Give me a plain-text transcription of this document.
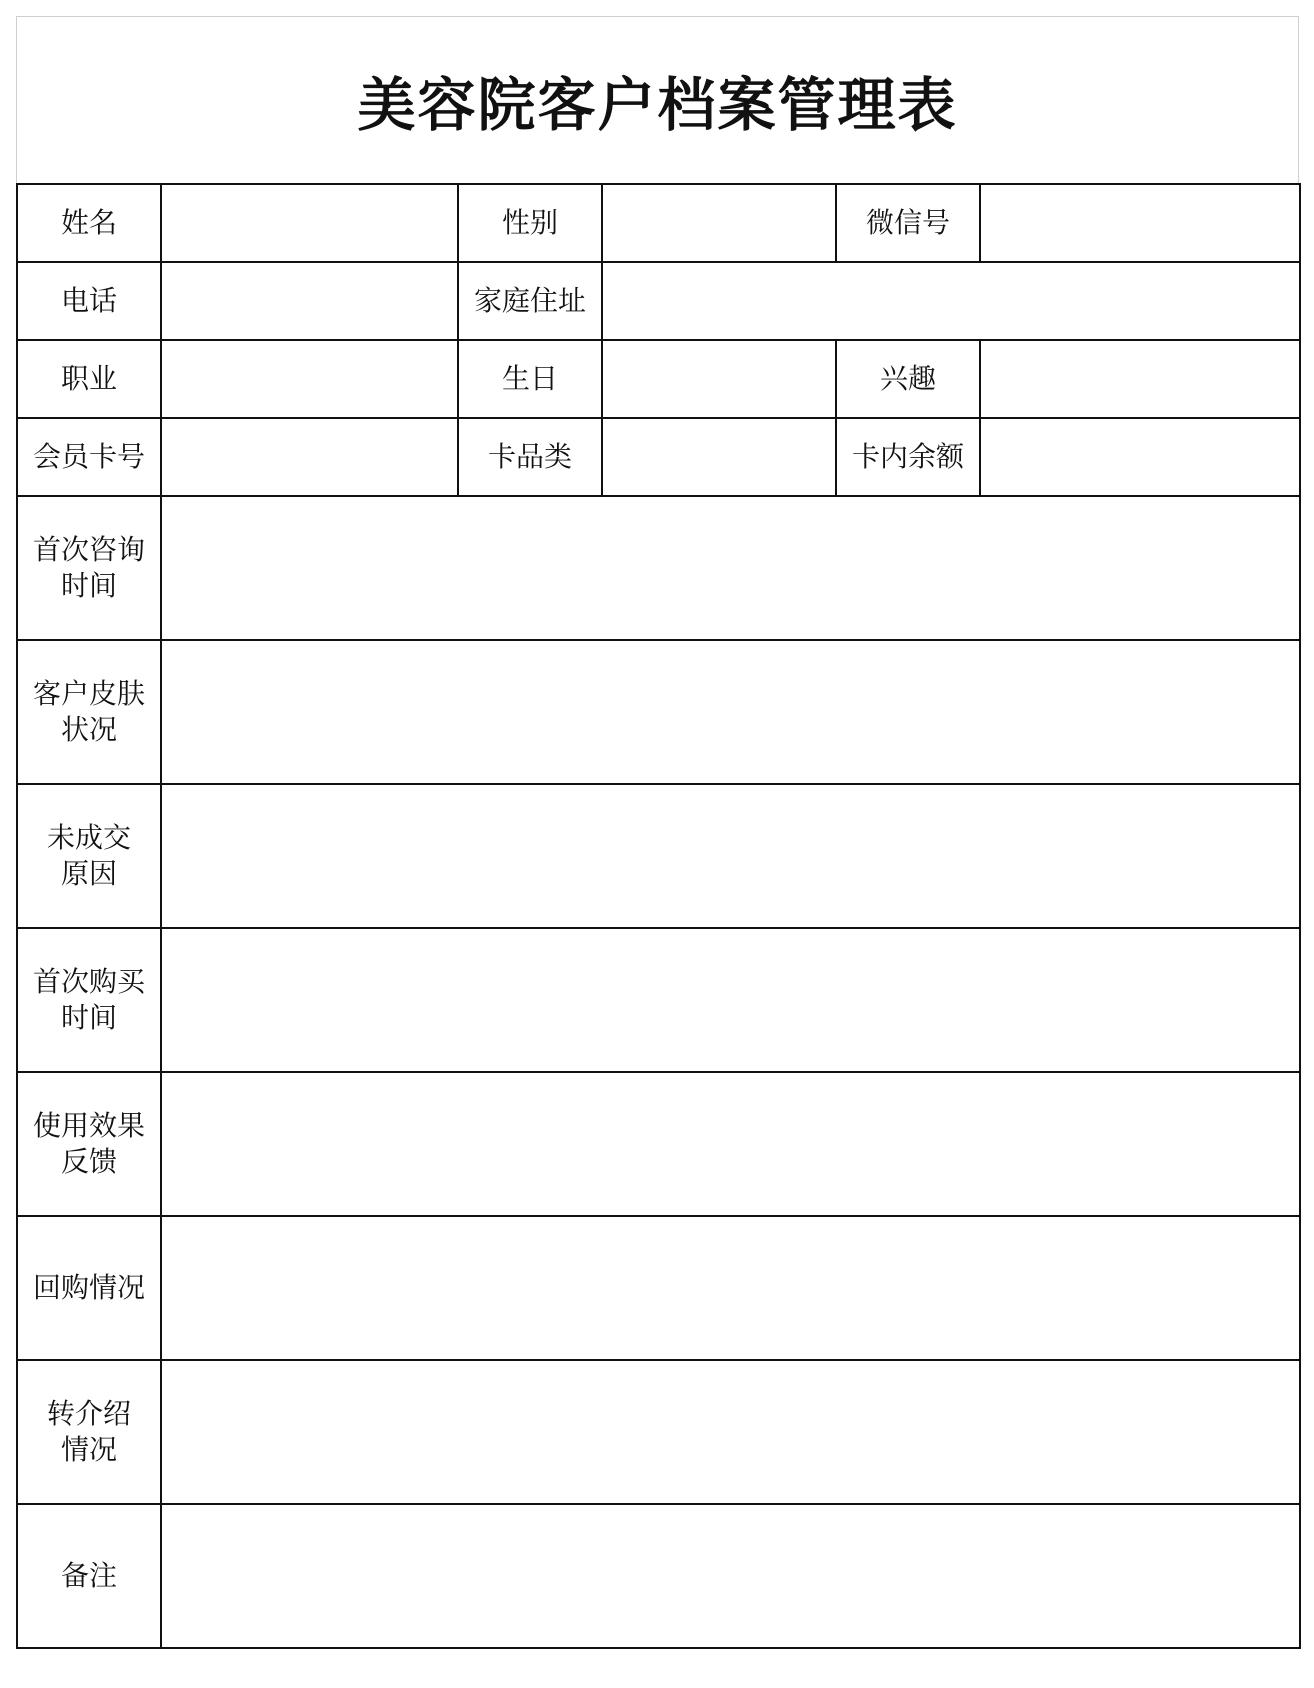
美容院客户档案管理表
姓名		性别		微信号	
电话		家庭住址			
职业		生日		兴趣	
会员卡号		卡品类		卡内余额	

首次咨询
时间					

客户皮肤
状况					

未成交
原因					

首次购买
时间					

使用效果
反馈					

回购情况					

转介绍
情况					

备注					
